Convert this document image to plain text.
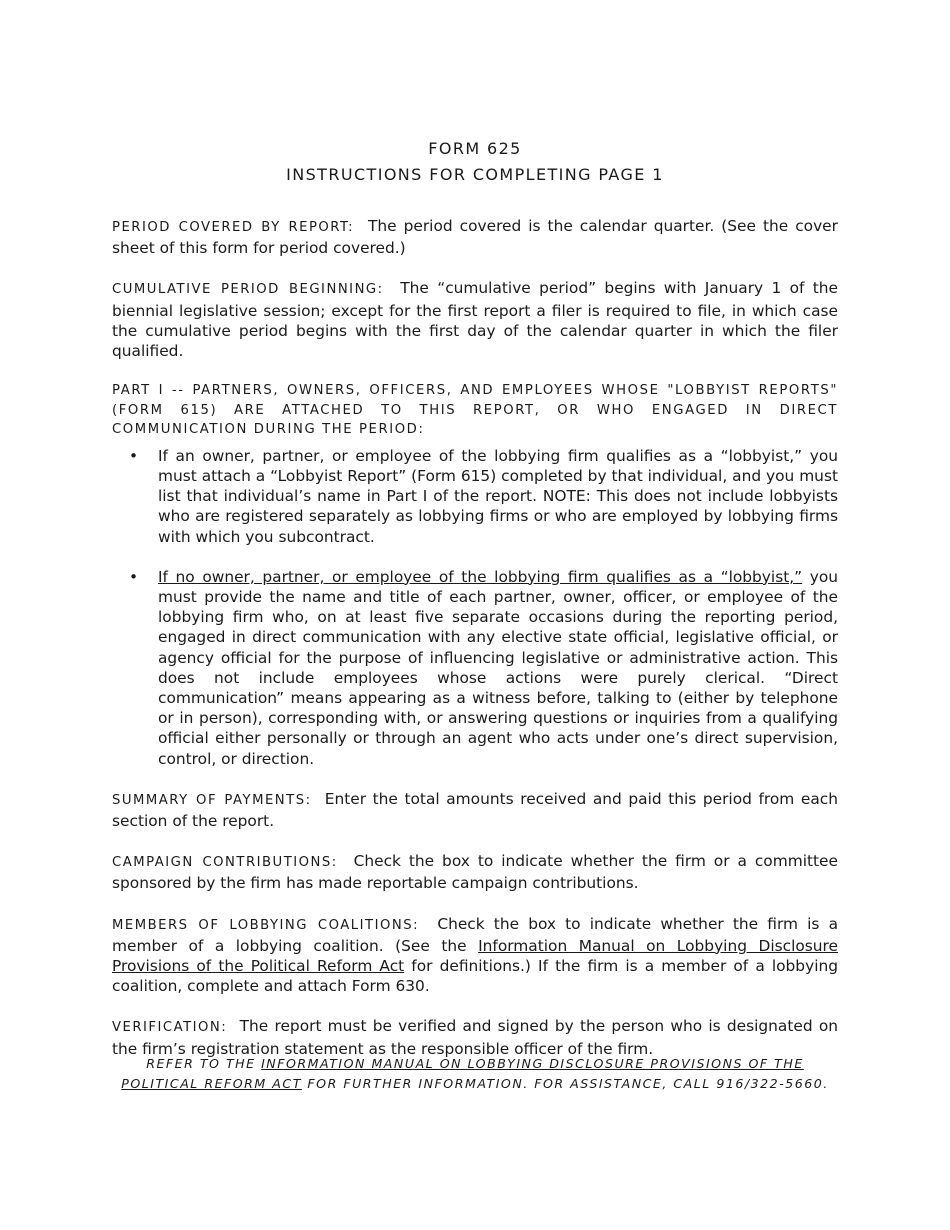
FORM 625
INSTRUCTIONS FOR COMPLETING PAGE 1

PERIOD COVERED BY REPORT: The period covered is the calendar quarter. (See the cover sheet of this form for period covered.)

CUMULATIVE PERIOD BEGINNING: The “cumulative period” begins with January 1 of the biennial legislative session; except for the first report a filer is required to file, in which case the cumulative period begins with the first day of the calendar quarter in which the filer qualified.

PART I -- PARTNERS, OWNERS, OFFICERS, AND EMPLOYEES WHOSE "LOBBYIST REPORTS" (FORM 615) ARE ATTACHED TO THIS REPORT, OR WHO ENGAGED IN DIRECT COMMUNICATION DURING THE PERIOD:

• If an owner, partner, or employee of the lobbying firm qualifies as a “lobbyist,” you must attach a “Lobbyist Report” (Form 615) completed by that individual, and you must list that individual’s name in Part I of the report. NOTE: This does not include lobbyists who are registered separately as lobbying firms or who are employed by lobbying firms with which you subcontract.
• If no owner, partner, or employee of the lobbying firm qualifies as a “lobbyist,” you must provide the name and title of each partner, owner, officer, or employee of the lobbying firm who, on at least five separate occasions during the reporting period, engaged in direct communication with any elective state official, legislative official, or agency official for the purpose of influencing legislative or administrative action. This does not include employees whose actions were purely clerical. “Direct communication” means appearing as a witness before, talking to (either by telephone or in person), corresponding with, or answering questions or inquiries from a qualifying official either personally or through an agent who acts under one’s direct supervision, control, or direction.

SUMMARY OF PAYMENTS: Enter the total amounts received and paid this period from each section of the report.

CAMPAIGN CONTRIBUTIONS: Check the box to indicate whether the firm or a committee sponsored by the firm has made reportable campaign contributions.

MEMBERS OF LOBBYING COALITIONS: Check the box to indicate whether the firm is a member of a lobbying coalition. (See the Information Manual on Lobbying Disclosure Provisions of the Political Reform Act for definitions.) If the firm is a member of a lobbying coalition, complete and attach Form 630.

VERIFICATION: The report must be verified and signed by the person who is designated on the firm’s registration statement as the responsible officer of the firm.

REFER TO THE INFORMATION MANUAL ON LOBBYING DISCLOSURE PROVISIONS OF THE POLITICAL REFORM ACT FOR FURTHER INFORMATION. FOR ASSISTANCE, CALL 916/322-5660.
